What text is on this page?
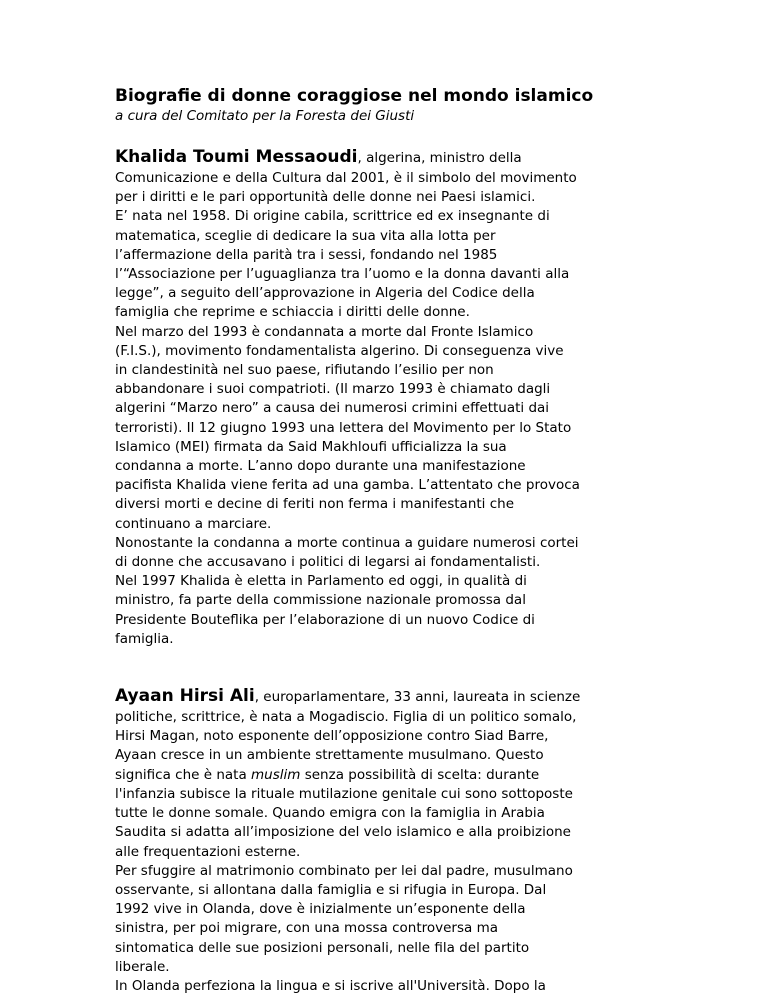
Biografie di donne coraggiose nel mondo islamico

a cura del Comitato per la Foresta dei Giusti

Khalida Toumi Messaoudi, algerina, ministro della
Comunicazione e della Cultura dal 2001, è il simbolo del movimento
per i diritti e le pari opportunità delle donne nei Paesi islamici.
E’ nata nel 1958. Di origine cabila, scrittrice ed ex insegnante di
matematica, sceglie di dedicare la sua vita alla lotta per
l’affermazione della parità tra i sessi, fondando nel 1985
l’“Associazione per l’uguaglianza tra l’uomo e la donna davanti alla
legge”, a seguito dell’approvazione in Algeria del Codice della
famiglia che reprime e schiaccia i diritti delle donne.
Nel marzo del 1993 è condannata a morte dal Fronte Islamico
(F.I.S.), movimento fondamentalista algerino. Di conseguenza vive
in clandestinità nel suo paese, rifiutando l’esilio per non
abbandonare i suoi compatrioti. (Il marzo 1993 è chiamato dagli
algerini “Marzo nero” a causa dei numerosi crimini effettuati dai
terroristi). Il 12 giugno 1993 una lettera del Movimento per lo Stato
Islamico (MEI) firmata da Said Makhloufi ufficializza la sua
condanna a morte. L’anno dopo durante una manifestazione
pacifista Khalida viene ferita ad una gamba. L’attentato che provoca
diversi morti e decine di feriti non ferma i manifestanti che
continuano a marciare.
Nonostante la condanna a morte continua a guidare numerosi cortei
di donne che accusavano i politici di legarsi ai fondamentalisti.
Nel 1997 Khalida è eletta in Parlamento ed oggi, in qualità di
ministro, fa parte della commissione nazionale promossa dal
Presidente Bouteflika per l’elaborazione di un nuovo Codice di
famiglia.
Ayaan Hirsi Ali, europarlamentare, 33 anni, laureata in scienze
politiche, scrittrice, è nata a Mogadiscio. Figlia di un politico somalo,
Hirsi Magan, noto esponente dell’opposizione contro Siad Barre,
Ayaan cresce in un ambiente strettamente musulmano. Questo
significa che è nata muslim senza possibilità di scelta: durante
l'infanzia subisce la rituale mutilazione genitale cui sono sottoposte
tutte le donne somale. Quando emigra con la famiglia in Arabia
Saudita si adatta all’imposizione del velo islamico e alla proibizione
alle frequentazioni esterne.
Per sfuggire al matrimonio combinato per lei dal padre, musulmano
osservante, si allontana dalla famiglia e si rifugia in Europa. Dal
1992 vive in Olanda, dove è inizialmente un’esponente della
sinistra, per poi migrare, con una mossa controversa ma
sintomatica delle sue posizioni personali, nelle fila del partito
liberale.
In Olanda perfeziona la lingua e si iscrive all'Università. Dopo la
